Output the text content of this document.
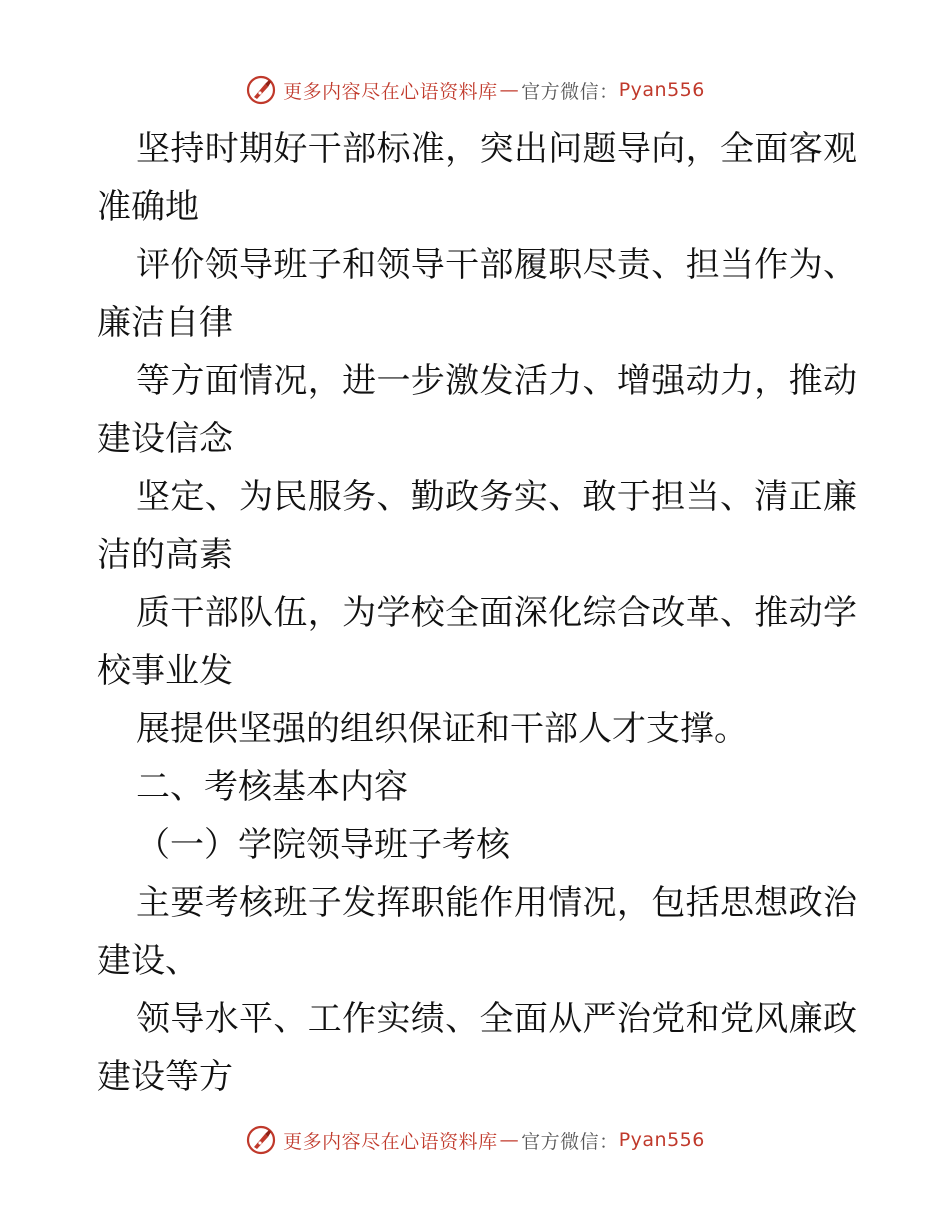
更多内容尽在心语资料库 — 官方微信： Pyan556
坚持时期好干部标准，突出问题导向，全面客观
准确地
评价领导班子和领导干部履职尽责、担当作为、
廉洁自律
等方面情况，进一步激发活力、增强动力，推动
建设信念
坚定、为民服务、勤政务实、敢于担当、清正廉
洁的高素
质干部队伍，为学校全面深化综合改革、推动学
校事业发
展提供坚强的组织保证和干部人才支撑。
二、考核基本内容
（一）学院领导班子考核
主要考核班子发挥职能作用情况，包括思想政治
建设、
领导水平、工作实绩、全面从严治党和党风廉政
建设等方
更多内容尽在心语资料库 — 官方微信： Pyan556
